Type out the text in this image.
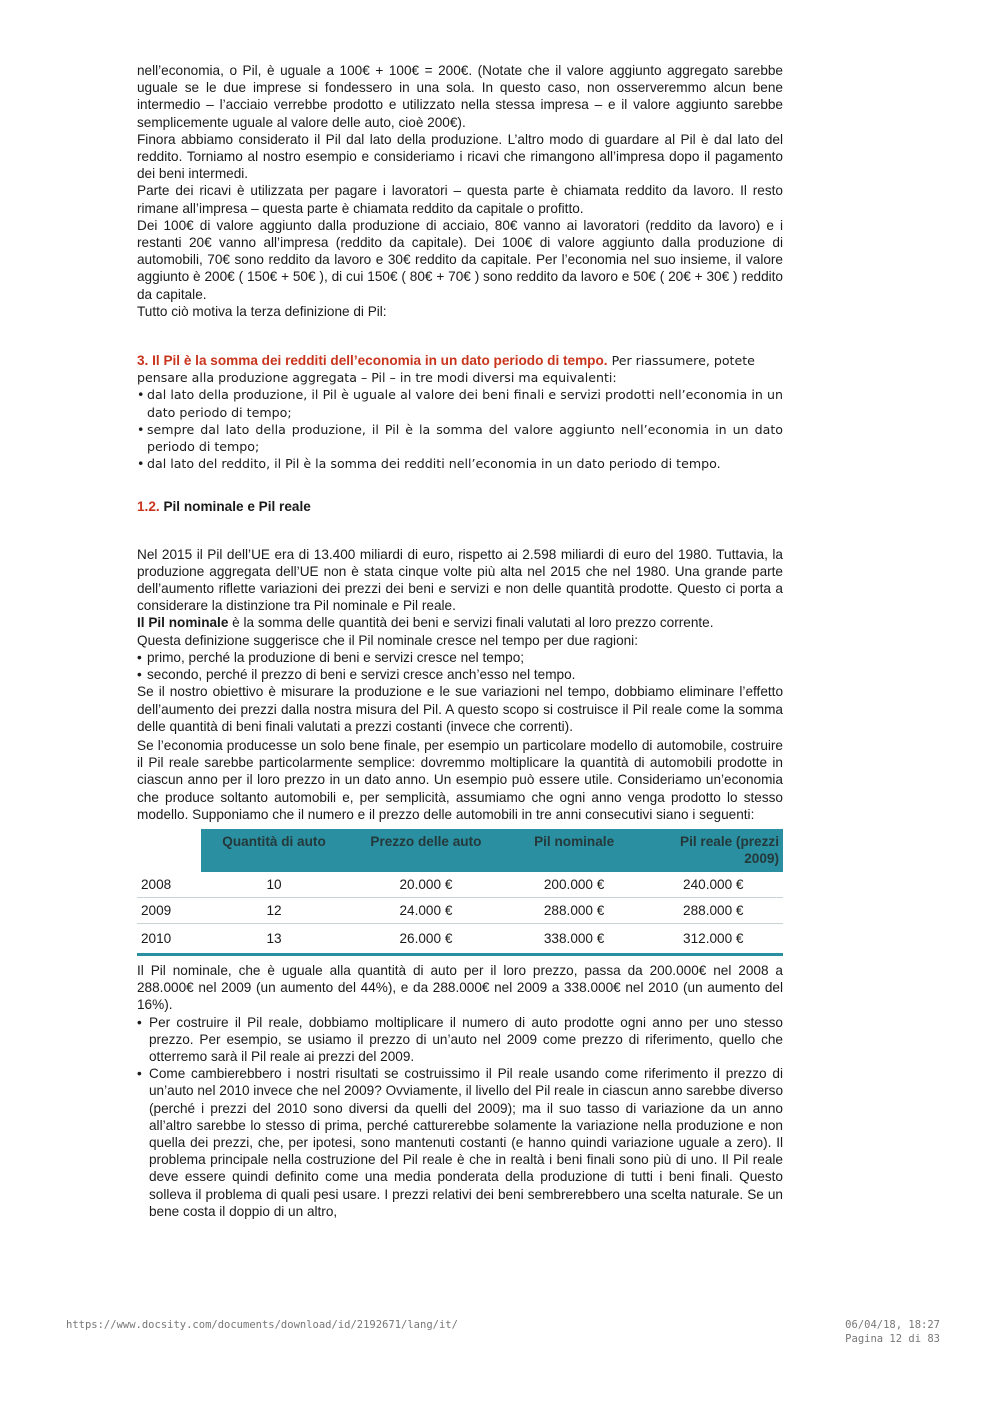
nell’economia, o Pil, è uguale a 100€ + 100€ = 200€. (Notate che il valore aggiunto aggregato sarebbe uguale se le due imprese si fondessero in una sola. In questo caso, non osserveremmo alcun bene intermedio – l’acciaio verrebbe prodotto e utilizzato nella stessa impresa – e il valore aggiunto sarebbe semplicemente uguale al valore delle auto, cioè 200€).

Finora abbiamo considerato il Pil dal lato della produzione. L’altro modo di guardare al Pil è dal lato del reddito. Torniamo al nostro esempio e consideriamo i ricavi che rimangono all’impresa dopo il pagamento dei beni intermedi.

Parte dei ricavi è utilizzata per pagare i lavoratori – questa parte è chiamata reddito da lavoro. Il resto rimane all’impresa – questa parte è chiamata reddito da capitale o profitto.

Dei 100€ di valore aggiunto dalla produzione di acciaio, 80€ vanno ai lavoratori (reddito da lavoro) e i restanti 20€ vanno all’impresa (reddito da capitale). Dei 100€ di valore aggiunto dalla produzione di automobili, 70€ sono reddito da lavoro e 30€ reddito da capitale. Per l’economia nel suo insieme, il valore aggiunto è 200€ ( 150€ + 50€ ), di cui 150€ ( 80€ + 70€ ) sono reddito da lavoro e 50€ ( 20€ + 30€ ) reddito da capitale.

Tutto ciò motiva la terza definizione di Pil:

3. Il Pil è la somma dei redditi dell’economia in un dato periodo di tempo. Per riassumere, potete pensare alla produzione aggregata – Pil – in tre modi diversi ma equivalenti:

• dal lato della produzione, il Pil è uguale al valore dei beni finali e servizi prodotti nell’economia in un dato periodo di tempo;
• sempre dal lato della produzione, il Pil è la somma del valore aggiunto nell’economia in un dato periodo di tempo;
• dal lato del reddito, il Pil è la somma dei redditi nell’economia in un dato periodo di tempo.
1.2. Pil nominale e Pil reale

Nel 2015 il Pil dell’UE era di 13.400 miliardi di euro, rispetto ai 2.598 miliardi di euro del 1980. Tuttavia, la produzione aggregata dell’UE non è stata cinque volte più alta nel 2015 che nel 1980. Una grande parte dell’aumento riflette variazioni dei prezzi dei beni e servizi e non delle quantità prodotte. Questo ci porta a considerare la distinzione tra Pil nominale e Pil reale.

Il Pil nominale è la somma delle quantità dei beni e servizi finali valutati al loro prezzo corrente.

Questa definizione suggerisce che il Pil nominale cresce nel tempo per due ragioni:

• primo, perché la produzione di beni e servizi cresce nel tempo;
• secondo, perché il prezzo di beni e servizi cresce anch’esso nel tempo.

Se il nostro obiettivo è misurare la produzione e le sue variazioni nel tempo, dobbiamo eliminare l’effetto dell’aumento dei prezzi dalla nostra misura del Pil. A questo scopo si costruisce il Pil reale come la somma delle quantità di beni finali valutati a prezzi costanti (invece che correnti).

Se l’economia producesse un solo bene finale, per esempio un particolare modello di automobile, costruire il Pil reale sarebbe particolarmente semplice: dovremmo moltiplicare la quantità di automobili prodotte in ciascun anno per il loro prezzo in un dato anno. Un esempio può essere utile. Consideriamo un’economia che produce soltanto automobili e, per semplicità, assumiamo che ogni anno venga prodotto lo stesso modello. Supponiamo che il numero e il prezzo delle automobili in tre anni consecutivi siano i seguenti:

	Quantità di auto	Prezzo delle auto	Pil nominale	Pil reale (prezzi 2009)
2008	10	20.000 €	200.000 €	240.000 €
2009	12	24.000 €	288.000 €	288.000 €
2010	13	26.000 €	338.000 €	312.000 €

Il Pil nominale, che è uguale alla quantità di auto per il loro prezzo, passa da 200.000€ nel 2008 a 288.000€ nel 2009 (un aumento del 44%), e da 288.000€ nel 2009 a 338.000€ nel 2010 (un aumento del 16%).

• Per costruire il Pil reale, dobbiamo moltiplicare il numero di auto prodotte ogni anno per uno stesso prezzo. Per esempio, se usiamo il prezzo di un’auto nel 2009 come prezzo di riferimento, quello che otterremo sarà il Pil reale ai prezzi del 2009.
• Come cambierebbero i nostri risultati se costruissimo il Pil reale usando come riferimento il prezzo di un’auto nel 2010 invece che nel 2009? Ovviamente, il livello del Pil reale in ciascun anno sarebbe diverso (perché i prezzi del 2010 sono diversi da quelli del 2009); ma il suo tasso di variazione da un anno all’altro sarebbe lo stesso di prima, perché catturerebbe solamente la variazione nella produzione e non quella dei prezzi, che, per ipotesi, sono mantenuti costanti (e hanno quindi variazione uguale a zero). Il problema principale nella costruzione del Pil reale è che in realtà i beni finali sono più di uno. Il Pil reale deve essere quindi definito come una media ponderata della produzione di tutti i beni finali. Questo solleva il problema di quali pesi usare. I prezzi relativi dei beni sembrerebbero una scelta naturale. Se un bene costa il doppio di un altro,
https://www.docsity.com/documents/download/id/2192671/lang/it/	06/04/18, 18:27
Pagina 12 di 83
